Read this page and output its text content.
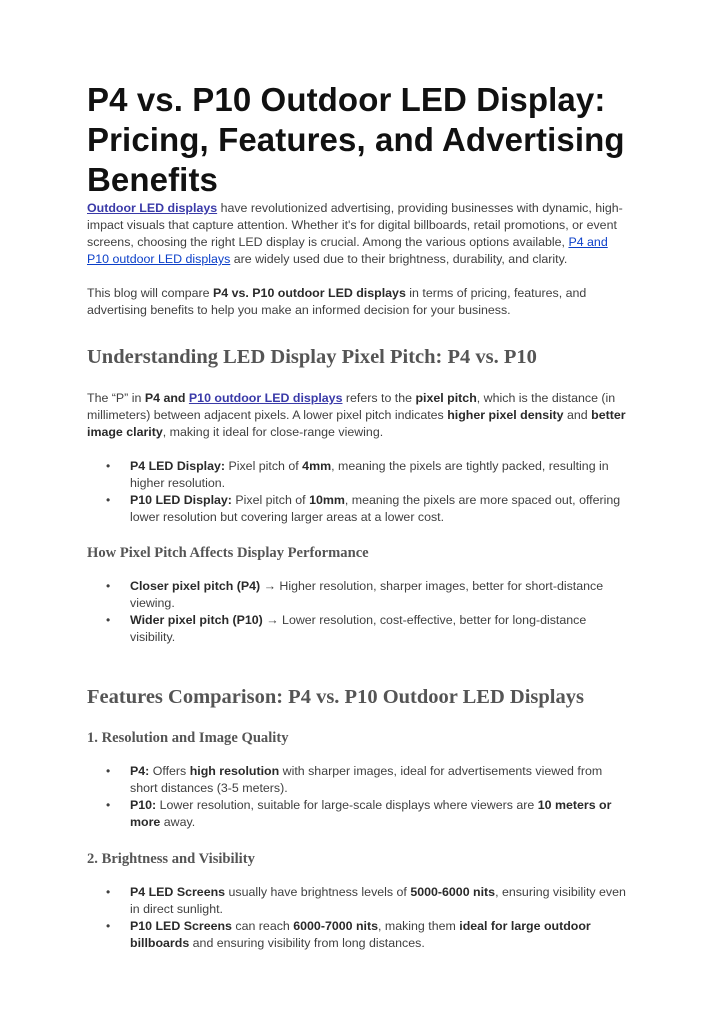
P4 vs. P10 Outdoor LED Display: Pricing, Features, and Advertising Benefits

Outdoor LED displays have revolutionized advertising, providing businesses with dynamic, high-impact visuals that capture attention. Whether it's for digital billboards, retail promotions, or event screens, choosing the right LED display is crucial. Among the various options available, P4 and P10 outdoor LED displays are widely used due to their brightness, durability, and clarity.

This blog will compare P4 vs. P10 outdoor LED displays in terms of pricing, features, and advertising benefits to help you make an informed decision for your business.

Understanding LED Display Pixel Pitch: P4 vs. P10

The “P” in P4 and P10 outdoor LED displays refers to the pixel pitch, which is the distance (in millimeters) between adjacent pixels. A lower pixel pitch indicates higher pixel density and better image clarity, making it ideal for close-range viewing.

• P4 LED Display: Pixel pitch of 4mm, meaning the pixels are tightly packed, resulting in higher resolution.
• P10 LED Display: Pixel pitch of 10mm, meaning the pixels are more spaced out, offering lower resolution but covering larger areas at a lower cost.
How Pixel Pitch Affects Display Performance
• Closer pixel pitch (P4) → Higher resolution, sharper images, better for short-distance viewing.
• Wider pixel pitch (P10) → Lower resolution, cost-effective, better for long-distance visibility.
Features Comparison: P4 vs. P10 Outdoor LED Displays
1. Resolution and Image Quality
• P4: Offers high resolution with sharper images, ideal for advertisements viewed from short distances (3-5 meters).
• P10: Lower resolution, suitable for large-scale displays where viewers are 10 meters or more away.
2. Brightness and Visibility
• P4 LED Screens usually have brightness levels of 5000-6000 nits, ensuring visibility even in direct sunlight.
• P10 LED Screens can reach 6000-7000 nits, making them ideal for large outdoor billboards and ensuring visibility from long distances.
